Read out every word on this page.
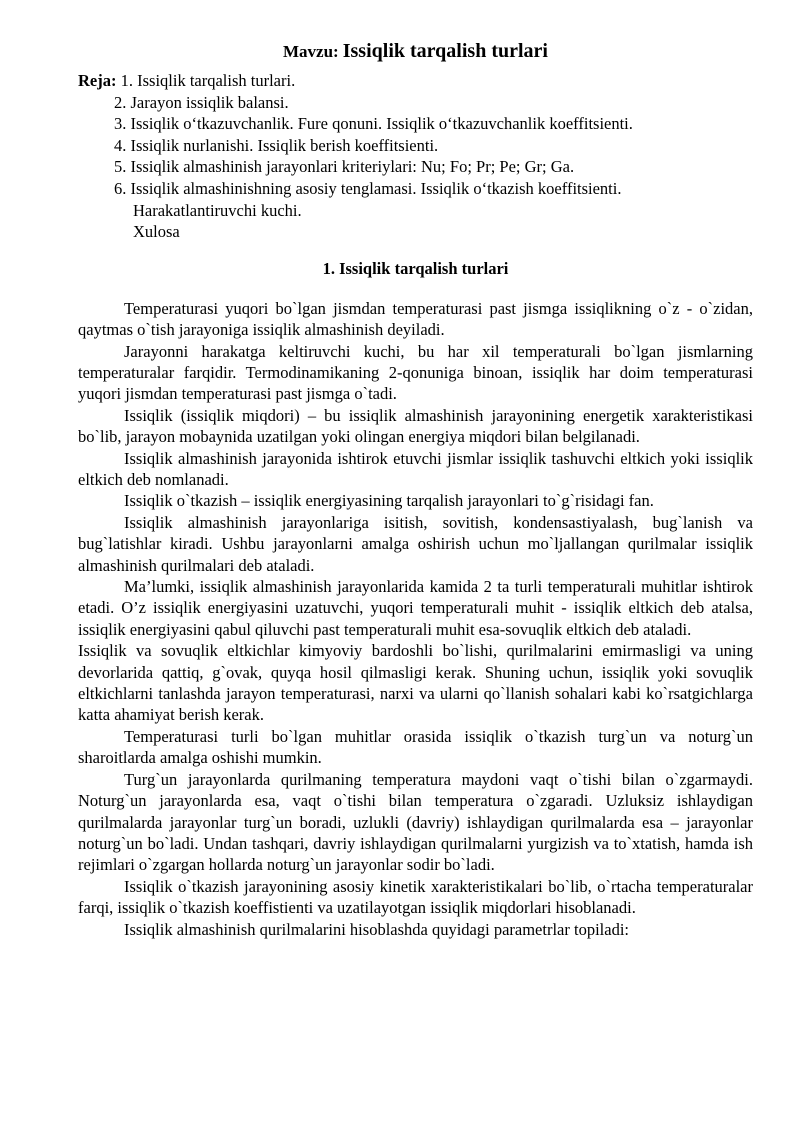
Mavzu: Issiqlik tarqalish turlari
Reja: 1. Issiqlik tarqalish turlari.
2. Jarayon issiqlik balansi.
3. Issiqlik o‘tkazuvchanlik. Fure qonuni. Issiqlik o‘tkazuvchanlik koeffitsienti.
4. Issiqlik nurlanishi. Issiqlik berish koeffitsienti.
5. Issiqlik almashinish jarayonlari kriteriylari: Nu; Fo; Pr; Pe; Gr; Ga.
6. Issiqlik almashinishning asosiy tenglamasi. Issiqlik o‘tkazish koeffitsienti.
Harakatlantiruvchi kuchi.
Xulosa
1. Issiqlik tarqalish turlari

Temperaturasi yuqori bo`lgan jismdan temperaturasi past jismga issiqlikning o`z - o`zidan, qaytmas o`tish jarayoniga issiqlik almashinish deyiladi.

Jarayonni harakatga keltiruvchi kuchi, bu har xil temperaturali bo`lgan jismlarning temperaturalar farqidir. Termodinamikaning 2-qonuniga binoan, issiqlik har doim temperaturasi yuqori jismdan temperaturasi past jismga o`tadi.

Issiqlik (issiqlik miqdori) – bu issiqlik almashinish jarayonining energetik xarakteristikasi bo`lib, jarayon mobaynida uzatilgan yoki olingan energiya miqdori bilan belgilanadi.

Issiqlik almashinish jarayonida ishtirok etuvchi jismlar issiqlik tashuvchi eltkich yoki issiqlik eltkich deb nomlanadi.

Issiqlik o`tkazish – issiqlik energiyasining tarqalish jarayonlari to`g`risidagi fan.

Issiqlik almashinish jarayonlariga isitish, sovitish, kondensastiyalash, bug`lanish va bug`latishlar kiradi. Ushbu jarayonlarni amalga oshirish uchun mo`ljallangan qurilmalar issiqlik almashinish qurilmalari deb ataladi.

Ma’lumki, issiqlik almashinish jarayonlarida kamida 2 ta turli temperaturali muhitlar ishtirok etadi. O’z issiqlik energiyasini uzatuvchi, yuqori temperaturali muhit - issiqlik eltkich deb atalsa, issiqlik energiyasini qabul qiluvchi past temperaturali muhit esa-sovuqlik eltkich deb ataladi.

Issiqlik va sovuqlik eltkichlar kimyoviy bardoshli bo`lishi, qurilmalarini emirmasligi va uning devorlarida qattiq, g`ovak, quyqa hosil qilmasligi kerak. Shuning uchun, issiqlik yoki sovuqlik eltkichlarni tanlashda jarayon temperaturasi, narxi va ularni qo`llanish sohalari kabi ko`rsatgichlarga katta ahamiyat berish kerak.

Temperaturasi turli bo`lgan muhitlar orasida issiqlik o`tkazish turg`un va noturg`un sharoitlarda amalga oshishi mumkin.

Turg`un jarayonlarda qurilmaning temperatura maydoni vaqt o`tishi bilan o`zgarmaydi. Noturg`un jarayonlarda esa, vaqt o`tishi bilan temperatura o`zgaradi. Uzluksiz ishlaydigan qurilmalarda jarayonlar turg`un boradi, uzlukli (davriy) ishlaydigan qurilmalarda esa – jarayonlar noturg`un bo`ladi. Undan tashqari, davriy ishlaydigan qurilmalarni yurgizish va to`xtatish, hamda ish rejimlari o`zgargan hollarda noturg`un jarayonlar sodir bo`ladi.

Issiqlik o`tkazish jarayonining asosiy kinetik xarakteristikalari bo`lib, o`rtacha temperaturalar farqi, issiqlik o`tkazish koeffistienti va uzatilayotgan issiqlik miqdorlari hisoblanadi.

Issiqlik almashinish qurilmalarini hisoblashda quyidagi parametrlar topiladi:
